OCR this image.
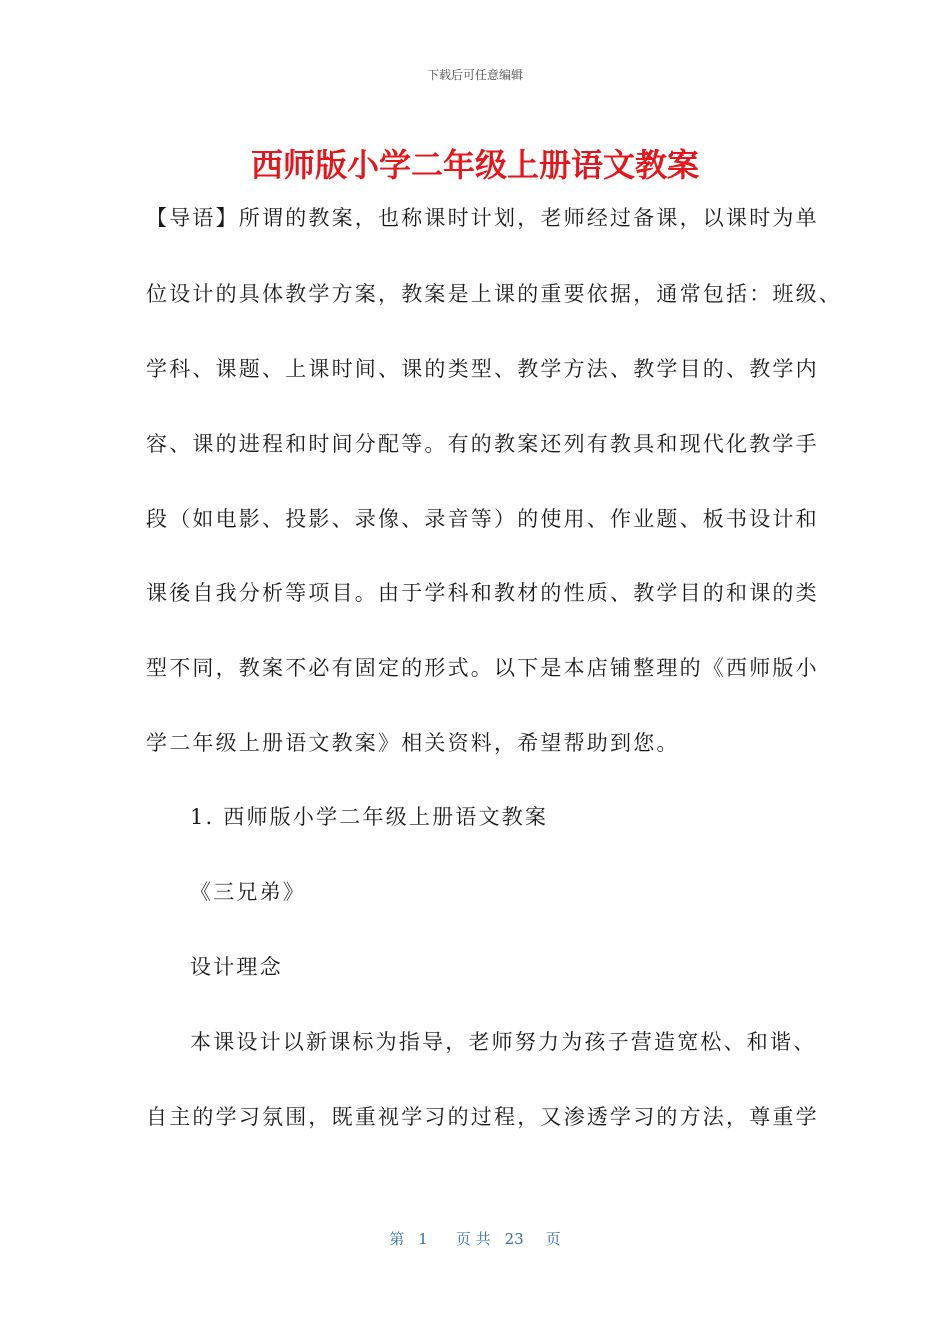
下载后可任意编辑
西师版小学二年级上册语文教案
【导语】所谓的教案，也称课时计划，老师经过备课，以课时为单
位设计的具体教学方案，教案是上课的重要依据，通常包括：班级、
学科、课题、上课时间、课的类型、教学方法、教学目的、教学内
容、课的进程和时间分配等。有的教案还列有教具和现代化教学手
段（如电影、投影、录像、录音等）的使用、作业题、板书设计和
课後自我分析等项目。由于学科和教材的性质、教学目的和课的类
型不同，教案不必有固定的形式。以下是本店铺整理的《西师版小
学二年级上册语文教案》相关资料，希望帮助到您。
1. 西师版小学二年级上册语文教案
《三兄弟》
设计理念
本课设计以新课标为指导，老师努力为孩子营造宽松、和谐、
自主的学习氛围，既重视学习的过程，又渗透学习的方法，尊重学
第 1 页 共 23 页
